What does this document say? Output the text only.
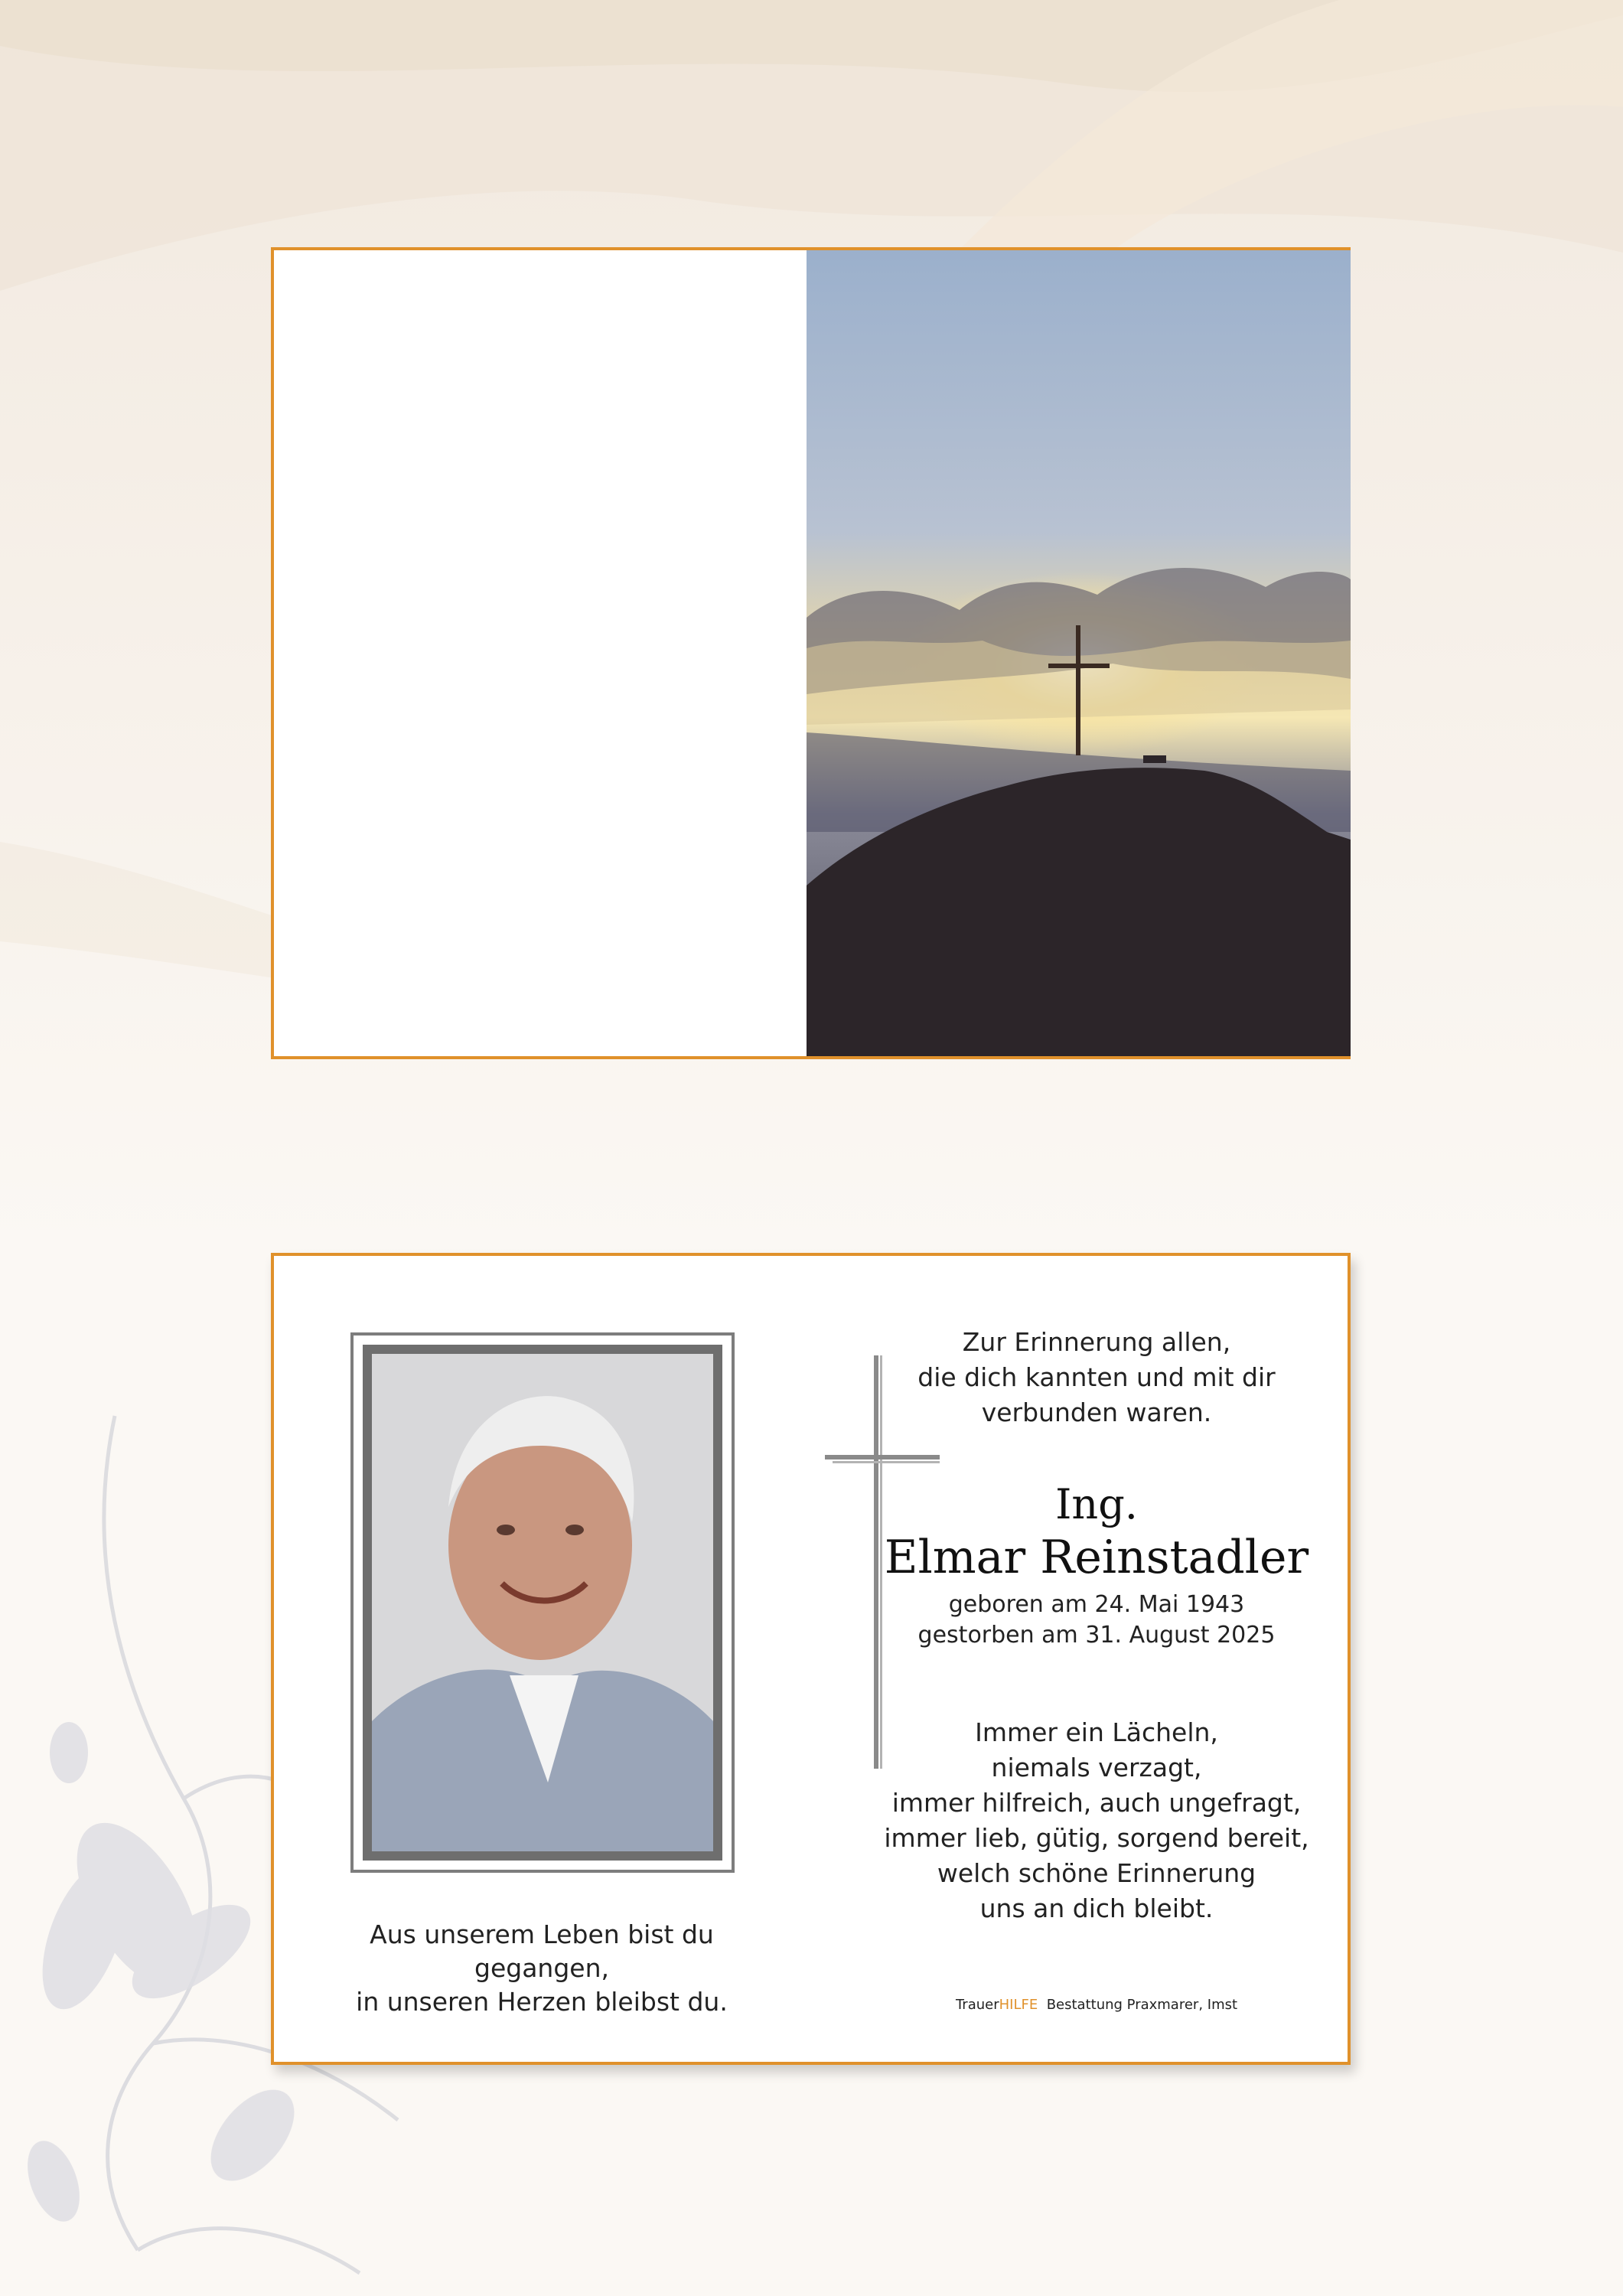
Aus unserem Leben bist du gegangen,
in unseren Herzen bleibst du.
Zur Erinnerung allen,
die dich kannten und mit dir
verbunden waren.
Ing.
Elmar Reinstadler
geboren am 24. Mai 1943
gestorben am 31. August 2025
Immer ein Lächeln,
niemals verzagt,
immer hilfreich, auch ungefragt,
immer lieb, gütig, sorgend bereit,
welch schöne Erinnerung
uns an dich bleibt.
TrauerHILFE Bestattung Praxmarer, Imst
